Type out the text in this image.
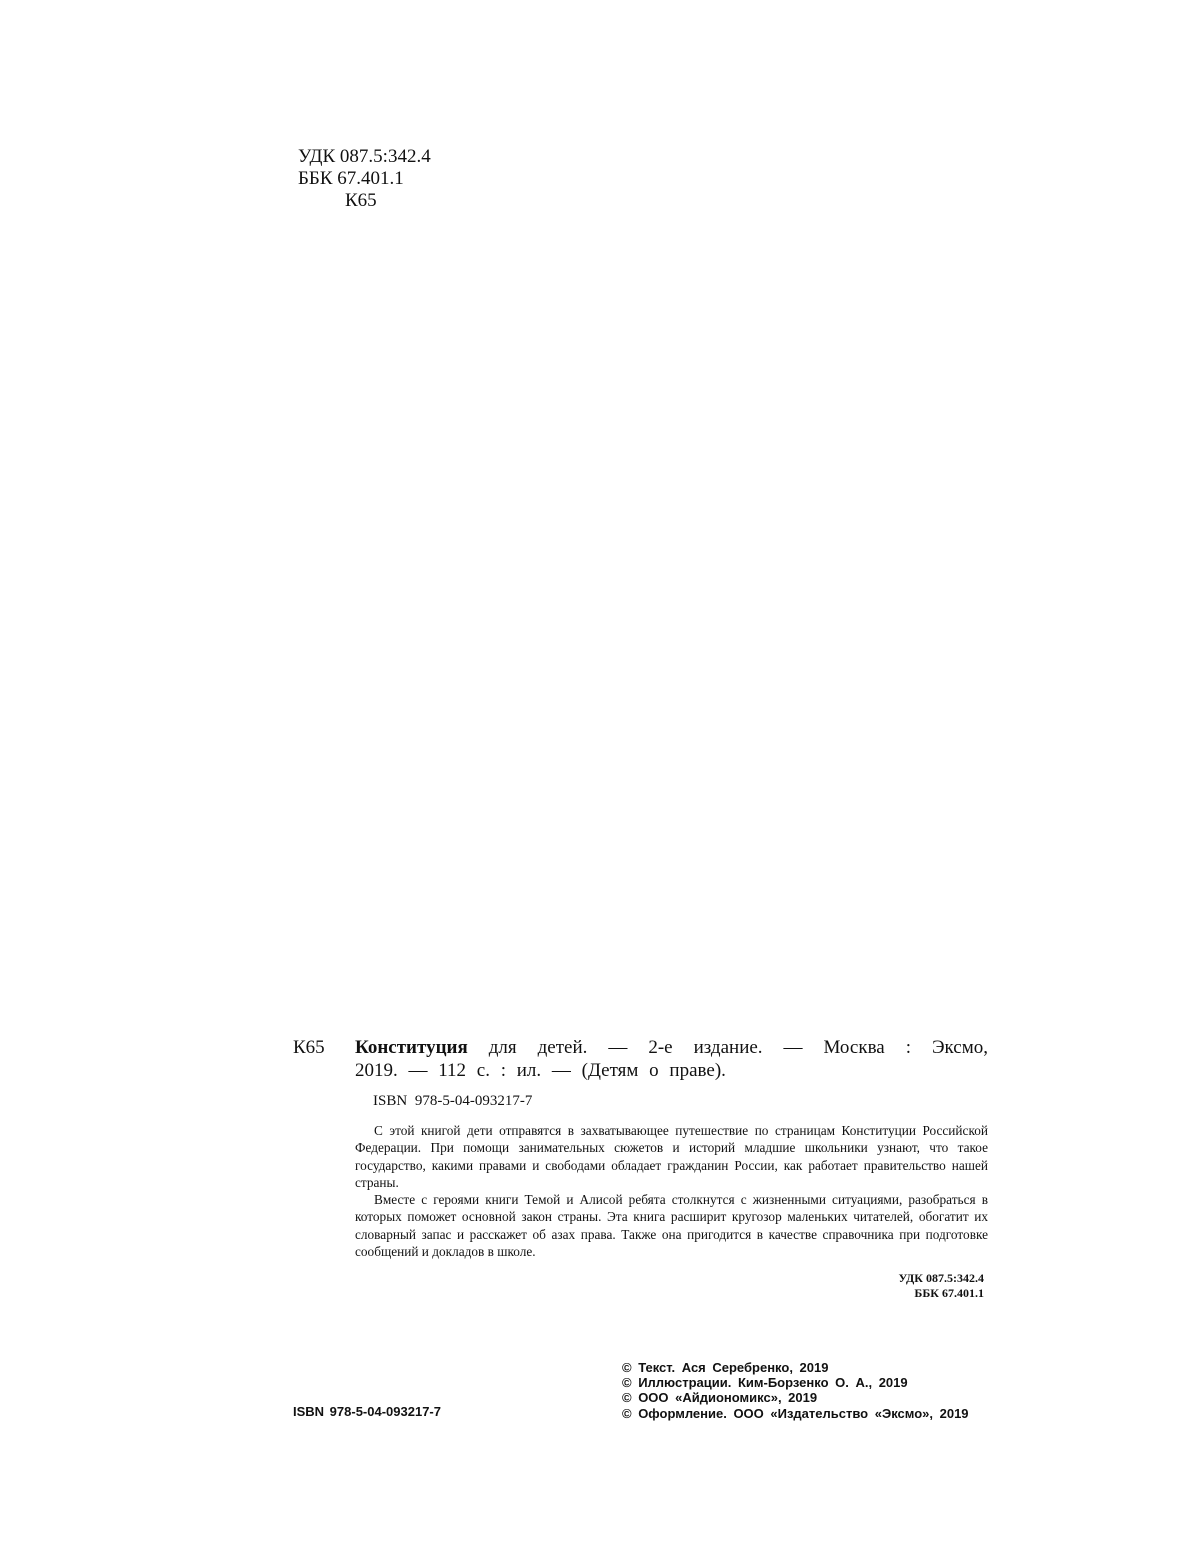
УДК 087.5:342.4
ББК 67.401.1
К65
К65 Конституция для детей. — 2-е издание. — Москва : Эксмо,
2019. — 112 с. : ил. — (Детям о праве).
ISBN 978-5-04-093217-7

С этой книгой дети отправятся в захватывающее путешествие по страницам Конституции Российской Федерации. При помощи занимательных сюжетов и историй младшие школьники узнают, что такое государство, какими правами и свободами обладает гражданин России, как работает правительство нашей страны.

Вместе с героями книги Темой и Алисой ребята столкнутся с жизненными ситуациями, разобраться в которых поможет основной закон страны. Эта книга расширит кругозор маленьких читателей, обогатит их словарный запас и расскажет об азах права. Также она пригодится в качестве справочника при подготовке сообщений и докладов в школе.

УДК 087.5:342.4
ББК 67.401.1
ISBN 978-5-04-093217-7
© Текст. Ася Серебренко, 2019
© Иллюстрации. Ким-Борзенко О. А., 2019
© ООО «Айдиономикс», 2019
© Оформление. ООО «Издательство «Эксмо», 2019
